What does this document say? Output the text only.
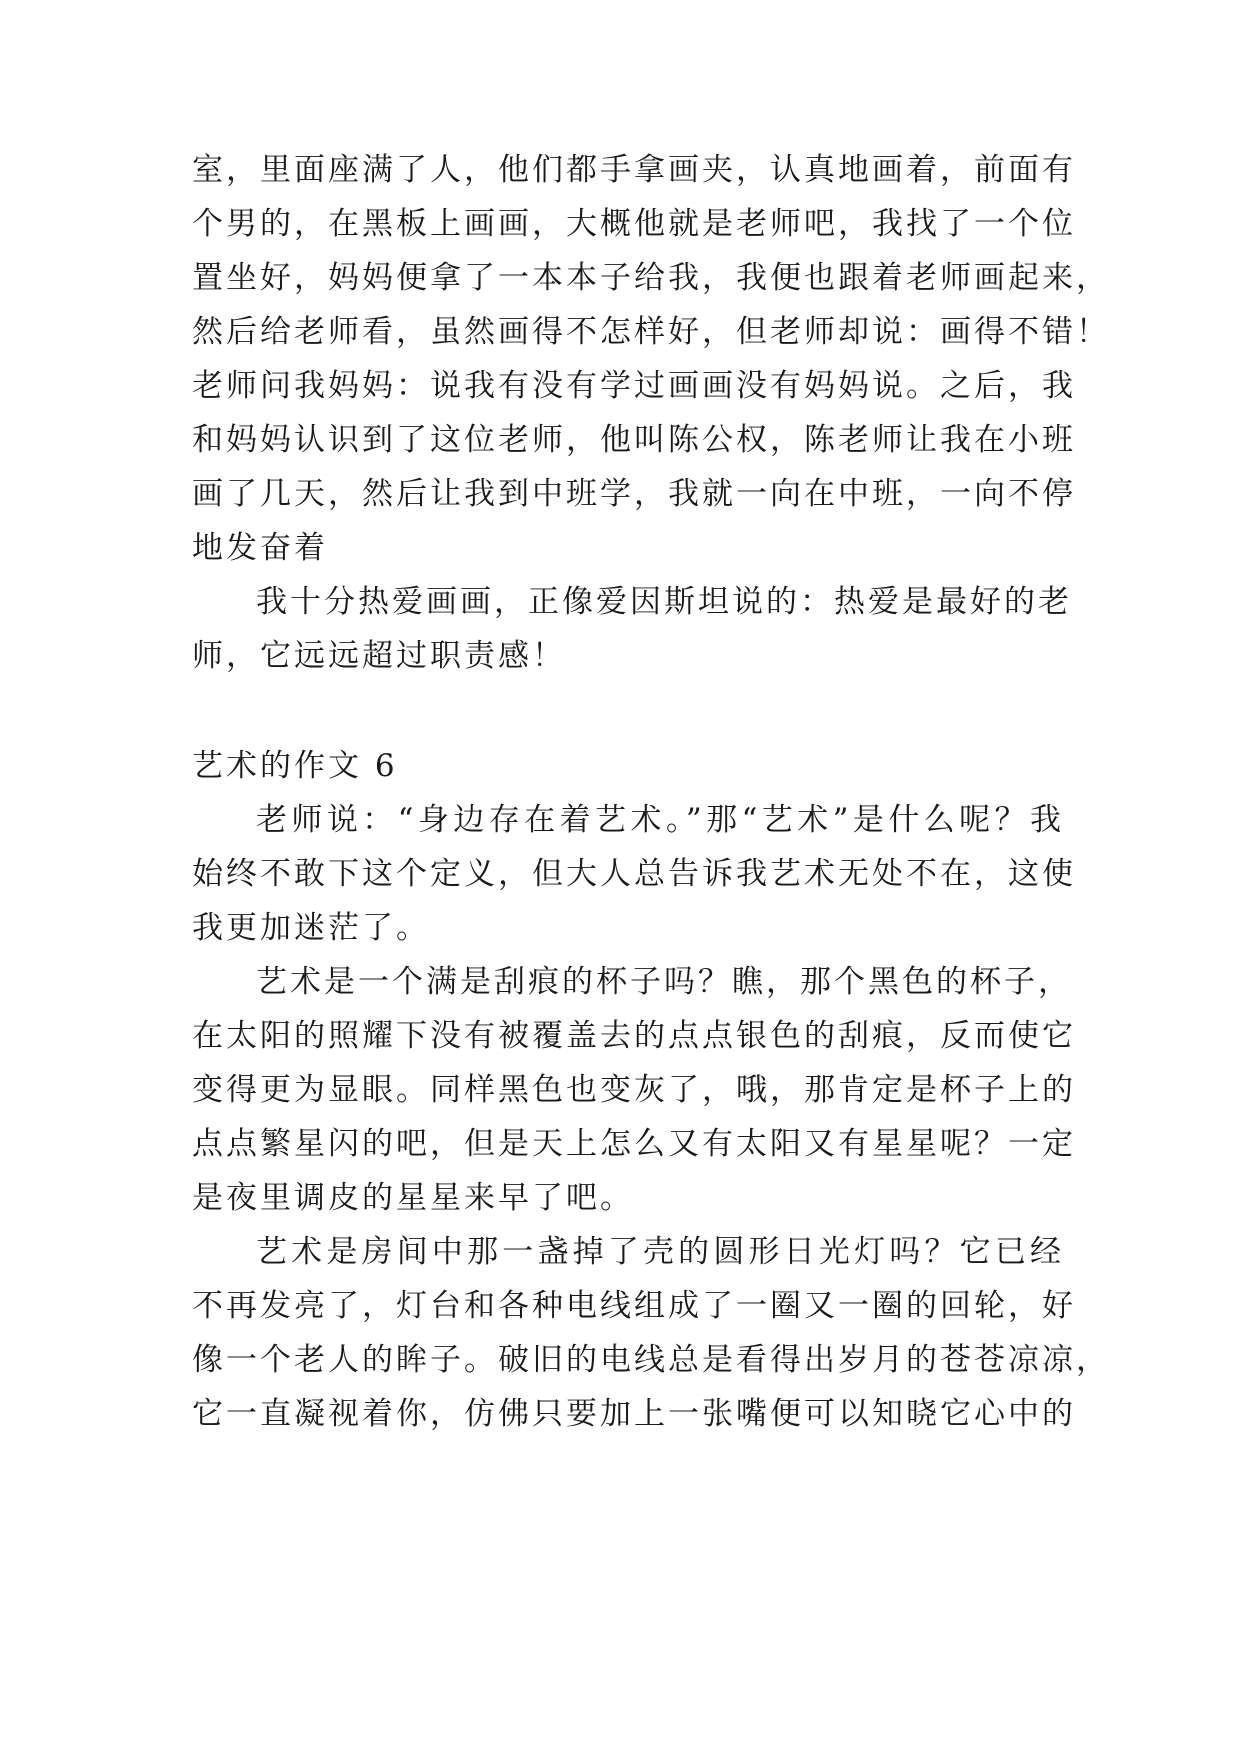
室，里面座满了人，他们都手拿画夹，认真地画着，前面有
个男的，在黑板上画画，大概他就是老师吧，我找了一个位
置坐好，妈妈便拿了一本本子给我，我便也跟着老师画起来，
然后给老师看，虽然画得不怎样好，但老师却说：画得不错！
老师问我妈妈：说我有没有学过画画没有妈妈说。之后，我
和妈妈认识到了这位老师，他叫陈公权，陈老师让我在小班
画了几天，然后让我到中班学，我就一向在中班，一向不停
地发奋着
我十分热爱画画，正像爱因斯坦说的：热爱是最好的老
师，它远远超过职责感！
艺术的作文 6
老师说：“身边存在着艺术。”那“艺术”是什么呢？我
始终不敢下这个定义，但大人总告诉我艺术无处不在，这使
我更加迷茫了。
艺术是一个满是刮痕的杯子吗？瞧，那个黑色的杯子，
在太阳的照耀下没有被覆盖去的点点银色的刮痕，反而使它
变得更为显眼。同样黑色也变灰了，哦，那肯定是杯子上的
点点繁星闪的吧，但是天上怎么又有太阳又有星星呢？一定
是夜里调皮的星星来早了吧。
艺术是房间中那一盏掉了壳的圆形日光灯吗？它已经
不再发亮了，灯台和各种电线组成了一圈又一圈的回轮，好
像一个老人的眸子。破旧的电线总是看得出岁月的苍苍凉凉，
它一直凝视着你，仿佛只要加上一张嘴便可以知晓它心中的
